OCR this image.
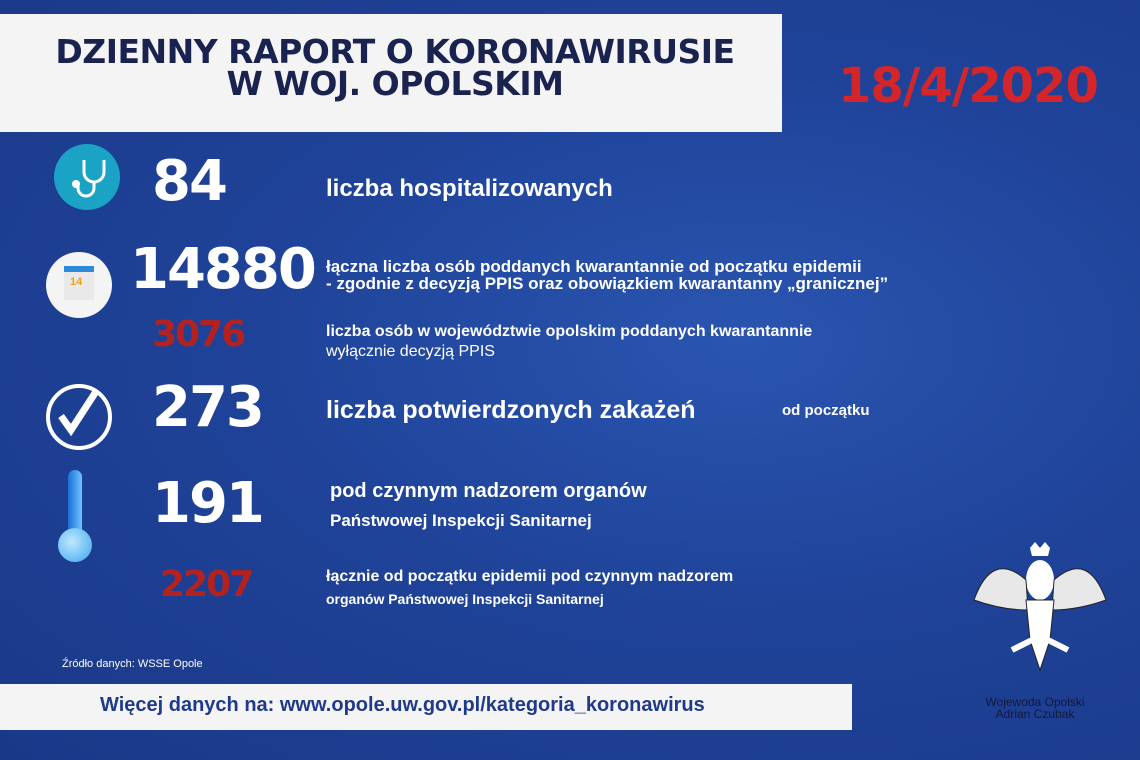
DZIENNY RAPORT O KORONAWIRUSIE
W WOJ. OPOLSKIM	18/4/2020
84	liczba hospitalizowanych
14 14880 łączna liczba osób poddanych kwarantannie od początku epidemii
- zgodnie z decyzją PPIS oraz obowiązkiem kwarantanny „granicznej”
3076	liczba osób w województwie opolskim poddanych kwarantannie
wyłącznie decyzją PPIS
273	liczba potwierdzonych zakażeń	od początku
191	pod czynnym nadzorem organów
Państwowej Inspekcji Sanitarnej
2207	łącznie od początku epidemii pod czynnym nadzorem
organów Państwowej Inspekcji Sanitarnej
Źródło danych: WSSE Opole
Wojewoda Opolski
Adrian Czubak
Więcej danych na: www.opole.uw.gov.pl/kategoria_koronawirus
